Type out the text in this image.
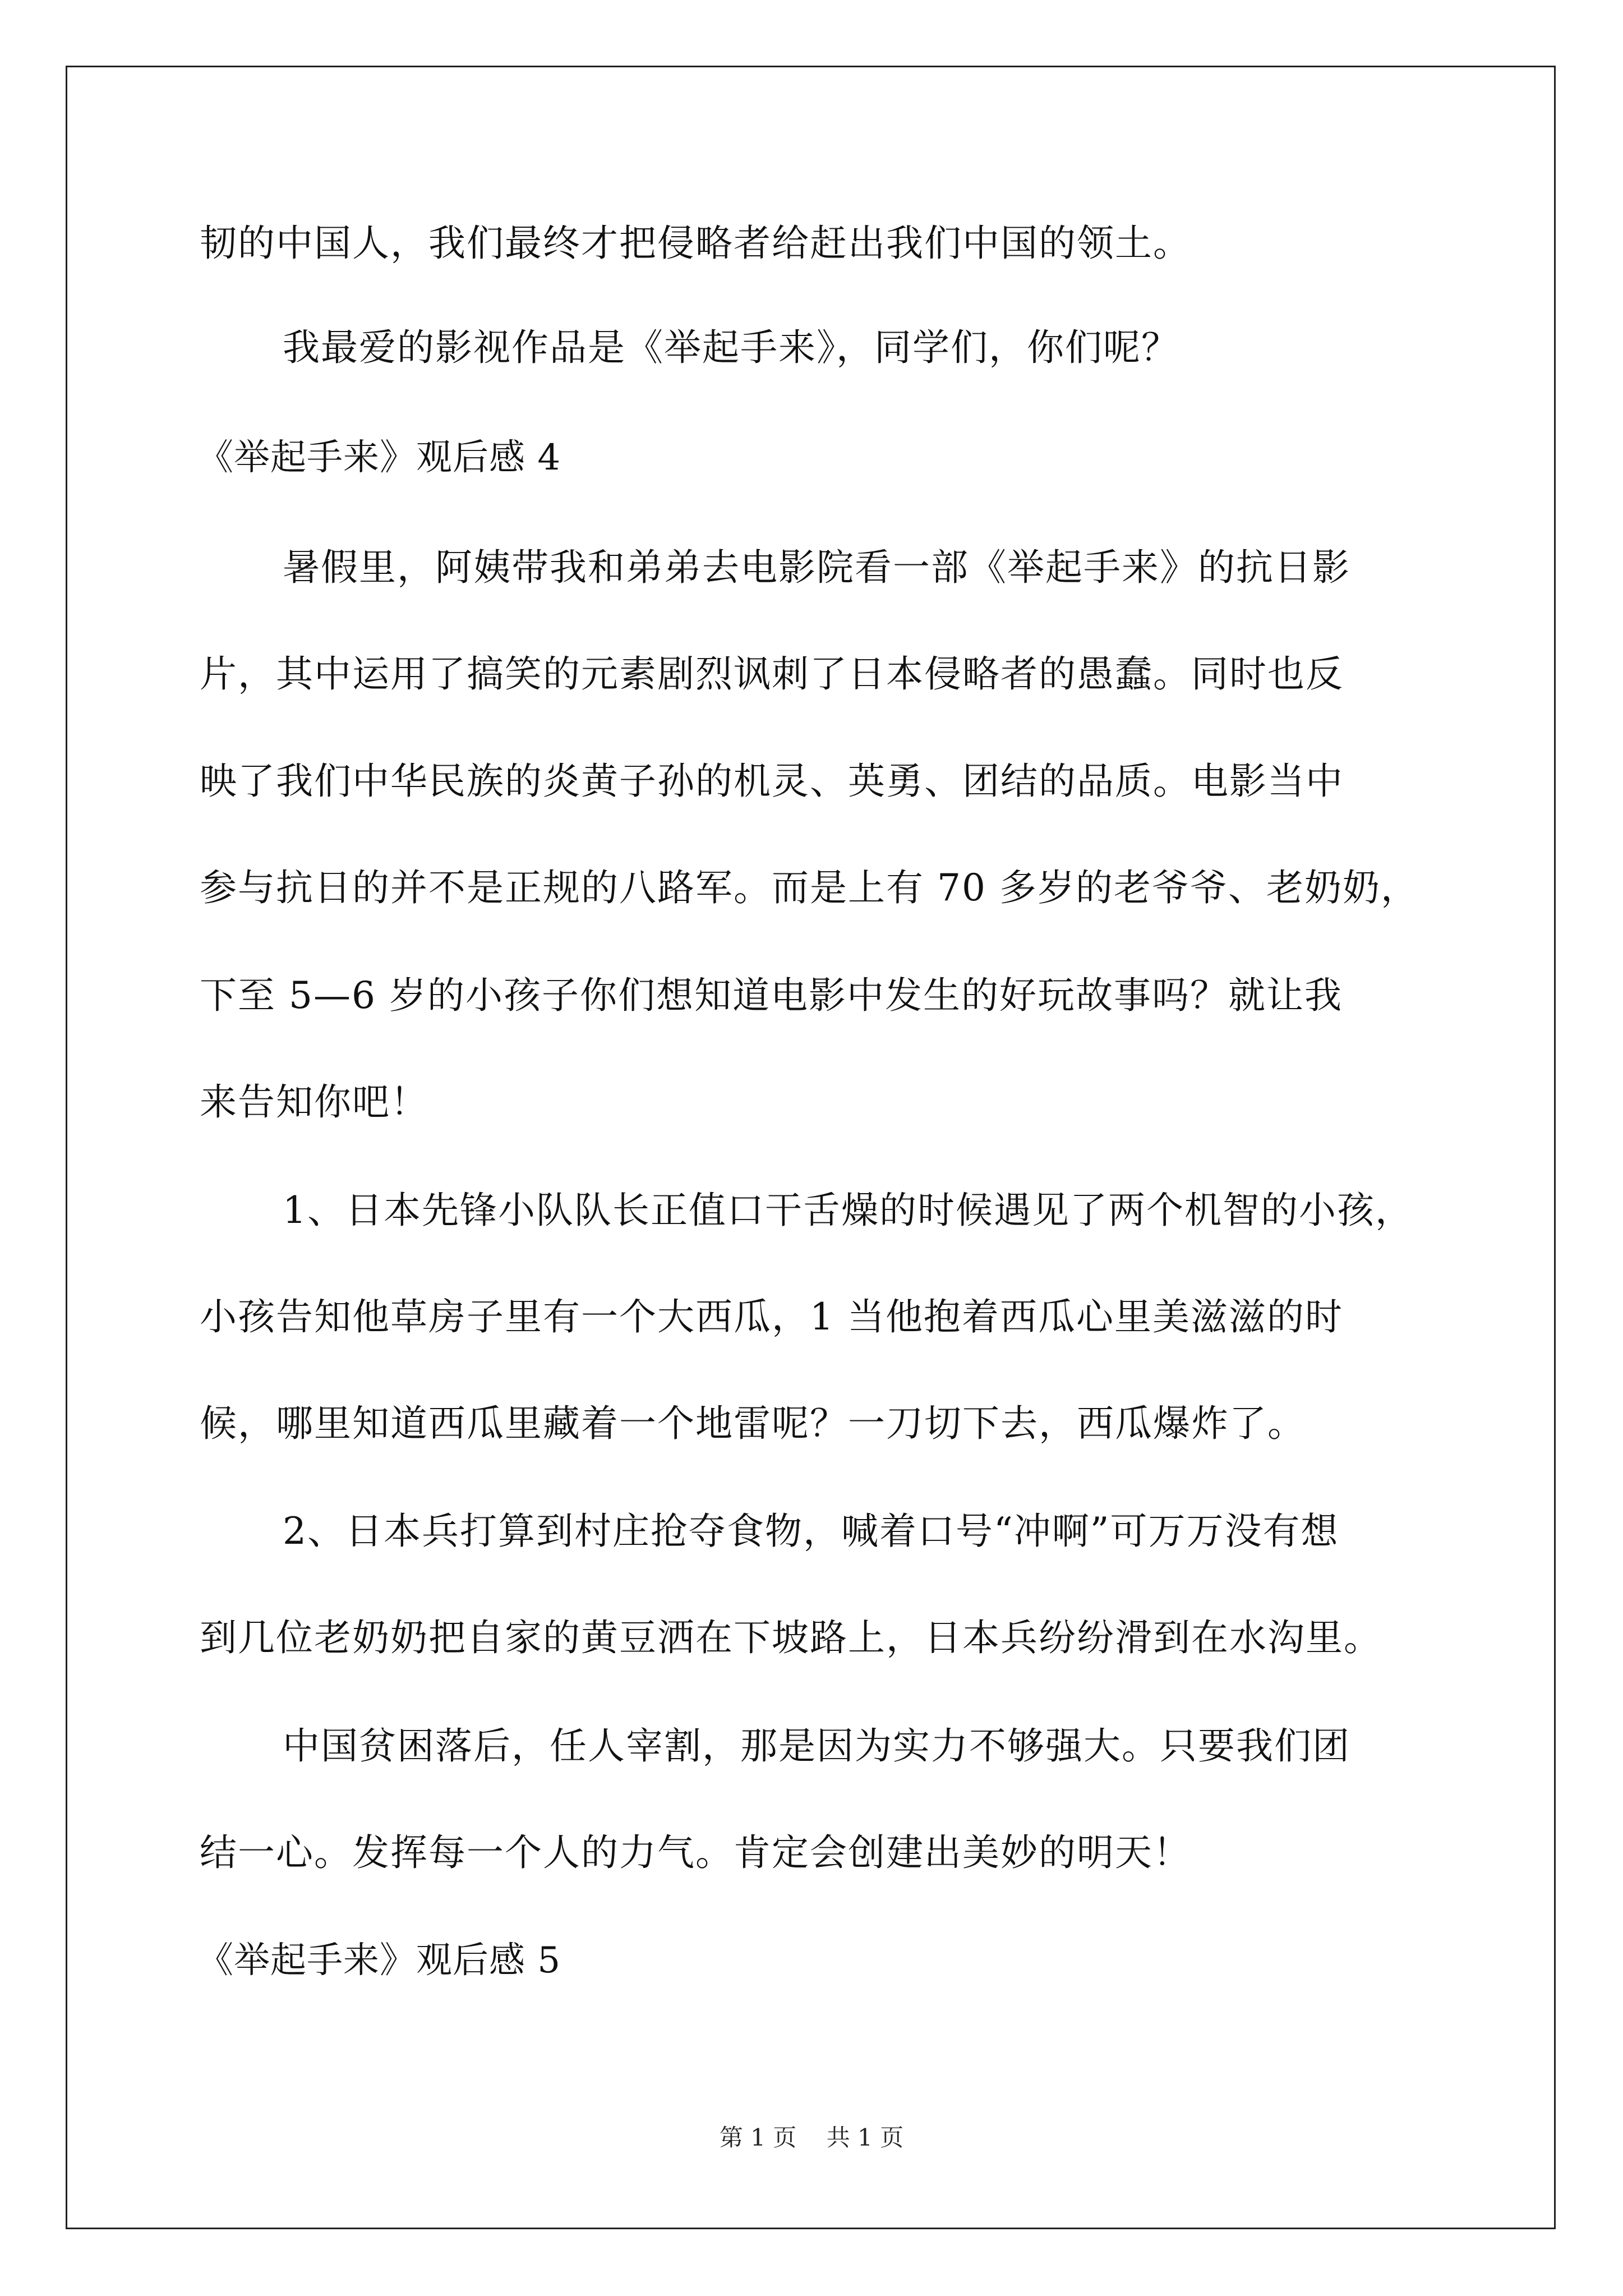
韧的中国人，我们最终才把侵略者给赶出我们中国的领土。
我最爱的影视作品是《举起手来》，同学们，你们呢？
《举起手来》观后感 4
暑假里，阿姨带我和弟弟去电影院看一部《举起手来》的抗日影
片，其中运用了搞笑的元素剧烈讽刺了日本侵略者的愚蠢。同时也反
映了我们中华民族的炎黄子孙的机灵、英勇、团结的品质。电影当中
参与抗日的并不是正规的八路军。而是上有 70 多岁的老爷爷、老奶奶，
下至 5—6 岁的小孩子你们想知道电影中发生的好玩故事吗？就让我
来告知你吧！
1、日本先锋小队队长正值口干舌燥的时候遇见了两个机智的小孩，
小孩告知他草房子里有一个大西瓜，1 当他抱着西瓜心里美滋滋的时
候，哪里知道西瓜里藏着一个地雷呢？一刀切下去，西瓜爆炸了。
2、日本兵打算到村庄抢夺食物，喊着口号“冲啊”可万万没有想
到几位老奶奶把自家的黄豆洒在下坡路上，日本兵纷纷滑到在水沟里。
中国贫困落后，任人宰割，那是因为实力不够强大。只要我们团
结一心。发挥每一个人的力气。肯定会创建出美妙的明天！
《举起手来》观后感 5
第 1 页    共 1 页
